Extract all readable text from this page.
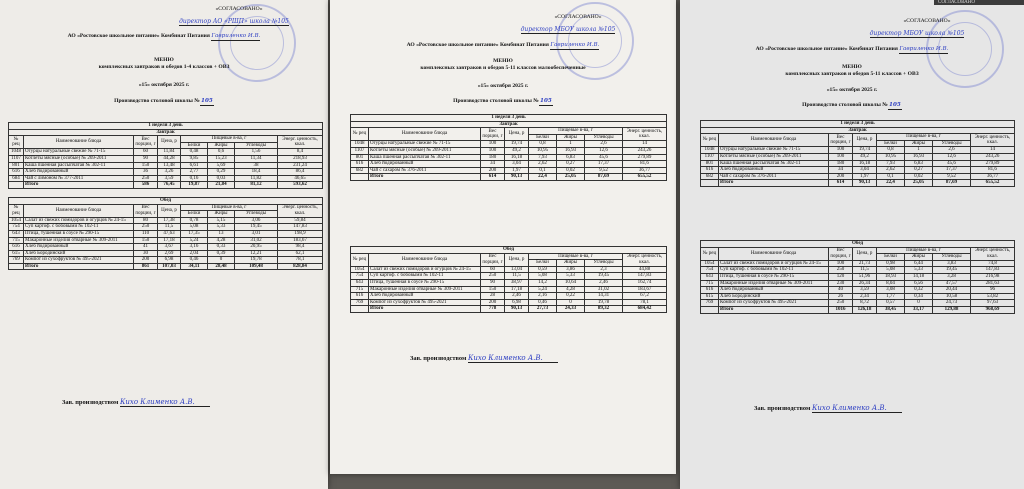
«СОГЛАСОВАНО»
директор АО «РШП» школа №105
АО «Ростовское школьное питание» Комбинат Питания Гавриленко И.В.
МЕНЮ
комплексных завтраков и обедов 1-4 классов + ОВЗ
«15» октября 2025 г.
Производство столовой школы №105
1 неделя 3 день							
Завтрак							
№ рец	Наименование блюда	Вес порции, г	Цена, р	Пищевые в-ва, г			Энерг. ценность, ккал.
				Белки	Жиры	Углеводы	
1048	Огурцы натуральные свежие № 71-15	60	11,84	0,48	0,6	1,56	8,4
1107	Котлеты мясные (особые) № 269-2011	90	44,28	9,85	15,23	11,34	218,93
801	Каша пшенная рассыпчатая № 302-11	150	13,48	6,61	5,69	38	231,24
616	Хлеб йодированный	36	3,26	2,77	0,29	18,4	86,4
684	Чай с лимоном № 377-2011	250	3,59	0,16	0,03	11,82	46,65
	Итого	586	76,45	19,87	21,84	81,12	593,62

Обед							
№ рец	Наименование блюда	Вес порции, г	Цена, р	Пищевые в-ва, г			Энерг. ценность, ккал.
				Белки	Жиры	Углеводы	
1054	Салат из свежих помидоров и огурцов № 24-15	80	17,38	0,78	5,15	3,06	59,84
754	Суп картоф. с бобовыми № 102-11	250	11,5	5,08	5,33	19,45	147,83
643	Птица, тушенная в соусе № 290-15	110	47,63	17,35	13	3,01	198,9
715	Макаронные изделия отварные № 309-2011	150	17,18	5,24	4,28	31,02	183,67
616	Хлеб йодированный	41	3,67	3,16	0,33	20,95	98,4
615	Хлеб Бородинский	30	2,69	2,04	0,39	12,21	62,1
769	Компот из сухофруктов № 495-2021	200	6,98	0,46	0	19,78	78,1
	Итого	861	107,03	34,11	28,48	109,48	828,84
Зав. производством Кихо Клименко А.В.
«СОГЛАСОВАНО»
директор МБОУ школа №105
АО «Ростовское школьное питание» Комбинат Питания Гавриленко И.В.
МЕНЮ
комплексных завтраков и обедов 5-11 классов малообеспеченные
«15» октября 2025 г.
Производство столовой школы №105
1 неделя 3 день							
Завтрак							
№ рец	Наименование блюда	Вес порции, г	Цена, р	Пищевые в-ва, г			Энерг. ценность, ккал.
				Белки	Жиры	Углеводы	
1048	Огурцы натуральные свежие № 71-15	100	19,74	0,8	1	2,6	14
1107	Котлеты мясные (особые) № 269-2011	100	49,2	10,95	16,93	12,6	243,26
801	Каша пшенная рассыпчатая № 302-11	180	16,18	7,93	6,83	45,6	279,89
616	Хлеб йодированный	34	3,04	2,62	0,27	17,37	81,6
682	Чай с сахаром № 376-2011	200	1,97	0,1	0,02	9,52	36,77
	Итого	614	90,13	22,4	25,05	87,69	655,52
Обед							
№ рец	Наименование блюда	Вес порции, г	Цена, р	Пищевые в-ва, г			Энерг. ценность, ккал.
				Белки	Жиры	Углеводы	
1054	Салат из свежих помидоров и огурцов № 24-15	60	13,04	0,59	3,86	2,3	44,88
754	Суп картоф. с бобовыми № 102-11	250	11,5	5,08	5,33	19,45	147,83
643	Птица, тушенная в соусе № 290-15	90	38,97	14,2	10,64	2,46	162,74
715	Макаронные изделия отварные № 309-2011	150	17,18	5,24	4,28	31,02	183,67
616	Хлеб йодированный	28	2,46	2,16	0,22	14,31	67,2
769	Компот из сухофруктов № 495-2021	200	6,98	0,46	0	19,78	78,1
	Итого	778	90,13	27,73	24,33	89,32	684,42
Зав. производством Кихо Клименко А.В.
СОГЛАСОВАНО
«СОГЛАСОВАНО»
директор МБОУ школа №105
АО «Ростовское школьное питание» Комбинат Питания Гавриленко И.В.
МЕНЮ
комплексных завтраков и обедов 5-11 классов + ОВЗ
«15» октября 2025 г.
Производство столовой школы №105
1 неделя 3 день							
Завтрак							
№ рец	Наименование блюда	Вес порции, г	Цена, р	Пищевые в-ва, г			Энерг. ценность, ккал.
				Белки	Жиры	Углеводы	
1048	Огурцы натуральные свежие № 71-15	100	19,74	0,8	1	2,6	14
1107	Котлеты мясные (особые) № 269-2011	100	49,2	10,95	16,93	12,6	243,26
801	Каша пшенная рассыпчатая № 302-11	180	16,18	7,93	6,83	45,6	279,89
616	Хлеб йодированный	34	3,04	2,62	0,27	17,37	81,6
682	Чай с сахаром № 376-2011	200	1,97	0,1	0,02	9,52	36,77
	Итого	614	90,13	22,4	25,05	87,69	655,52
Обед							
№ рец	Наименование блюда	Вес порции, г	Цена, р	Пищевые в-ва, г			Энерг. ценность, ккал.
				Белки	Жиры	Углеводы	
1054	Салат из свежих помидоров и огурцов № 24-15	100	21,73	0,98	6,44	3,83	74,8
754	Суп картоф. с бобовыми № 102-11	250	11,5	5,08	5,33	19,45	147,83
643	Птица, тушенная в соусе № 290-15	120	51,96	18,93	14,18	3,28	216,98
715	Макаронные изделия отварные № 309-2011	230	26,34	8,04	6,56	47,57	281,63
616	Хлеб йодированный	40	3,59	3,08	0,32	20,44	96
615	Хлеб Бородинский	26	2,34	1,77	0,34	10,58	53,82
769	Компот из сухофруктов № 495-2021	250	8,72	0,57	0	24,73	97,63
	Итого	1016	126,18	38,45	33,17	129,88	968,69
Зав. производством Кихо Клименко А.В.
